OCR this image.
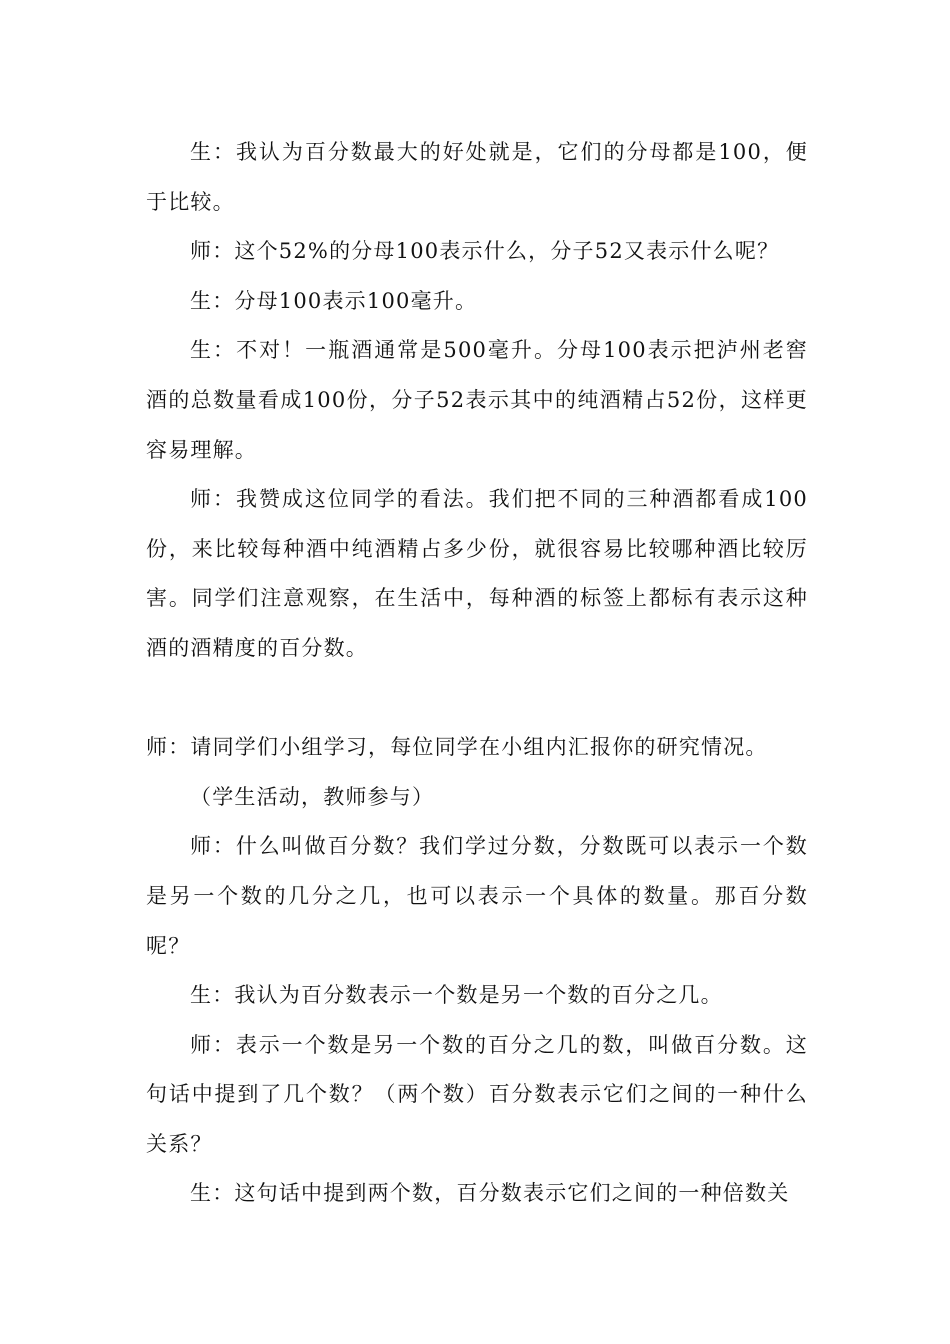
生：我认为百分数最大的好处就是，它们的分母都是100，便于比较。

师：这个52%的分母100表示什么，分子52又表示什么呢？

生：分母100表示100毫升。

生：不对！一瓶酒通常是500毫升。分母100表示把泸州老窖酒的总数量看成100份，分子52表示其中的纯酒精占52份，这样更容易理解。

师：我赞成这位同学的看法。我们把不同的三种酒都看成100份，来比较每种酒中纯酒精占多少份，就很容易比较哪种酒比较厉害。同学们注意观察，在生活中，每种酒的标签上都标有表示这种酒的酒精度的百分数。

师：请同学们小组学习，每位同学在小组内汇报你的研究情况。

（学生活动，教师参与）

师：什么叫做百分数？我们学过分数，分数既可以表示一个数是另一个数的几分之几，也可以表示一个具体的数量。那百分数呢？

生：我认为百分数表示一个数是另一个数的百分之几。

师：表示一个数是另一个数的百分之几的数，叫做百分数。这句话中提到了几个数？（两个数）百分数表示它们之间的一种什么关系？

生：这句话中提到两个数，百分数表示它们之间的一种倍数关
